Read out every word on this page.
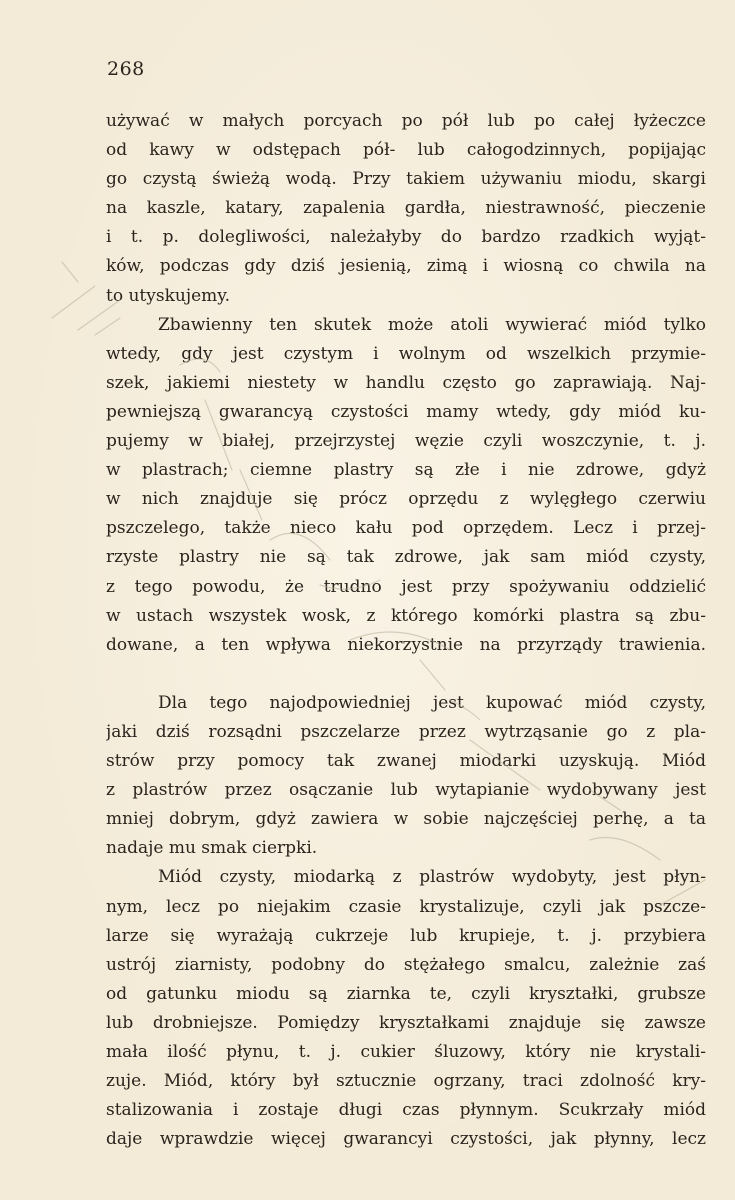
268
używać w małych porcyach po pół lub po całej łyżeczce
od kawy w odstępach pół- lub całogodzinnych, popijając
go czystą świeżą wodą. Przy takiem używaniu miodu, skargi
na kaszle, katary, zapalenia gardła, niestrawność, pieczenie
i t. p. dolegliwości, należałyby do bardzo rzadkich wyjąt-
ków, podczas gdy dziś jesienią, zimą i wiosną co chwila na
to utyskujemy.
Zbawienny ten skutek może atoli wywierać miód tylko
wtedy, gdy jest czystym i wolnym od wszelkich przymie-
szek, jakiemi niestety w handlu często go zaprawiają. Naj-
pewniejszą gwarancyą czystości mamy wtedy, gdy miód ku-
pujemy w białej, przejrzystej węzie czyli woszczynie, t. j.
w plastrach; ciemne plastry są złe i nie zdrowe, gdyż
w nich znajduje się prócz oprzędu z wylęgłego czerwiu
pszczelego, także nieco kału pod oprzędem. Lecz i przej-
rzyste plastry nie są tak zdrowe, jak sam miód czysty,
z tego powodu, że trudno jest przy spożywaniu oddzielić
w ustach wszystek wosk, z którego komórki plastra są zbu-
dowane, a ten wpływa niekorzystnie na przyrządy trawienia.
Dla tego najodpowiedniej jest kupować miód czysty,
jaki dziś rozsądni pszczelarze przez wytrząsanie go z pla-
strów przy pomocy tak zwanej miodarki uzyskują. Miód
z plastrów przez osączanie lub wytapianie wydobywany jest
mniej dobrym, gdyż zawiera w sobie najczęściej perhę, a ta
nadaje mu smak cierpki.
Miód czysty, miodarką z plastrów wydobyty, jest płyn-
nym, lecz po niejakim czasie krystalizuje, czyli jak pszcze-
larze się wyrażają cukrzeje lub krupieje, t. j. przybiera
ustrój ziarnisty, podobny do stężałego smalcu, zależnie zaś
od gatunku miodu są ziarnka te, czyli kryształki, grubsze
lub drobniejsze. Pomiędzy kryształkami znajduje się zawsze
mała ilość płynu, t. j. cukier śluzowy, który nie krystali-
zuje. Miód, który był sztucznie ogrzany, traci zdolność kry-
stalizowania i zostaje długi czas płynnym. Scukrzały miód
daje wprawdzie więcej gwarancyi czystości, jak płynny, lecz
